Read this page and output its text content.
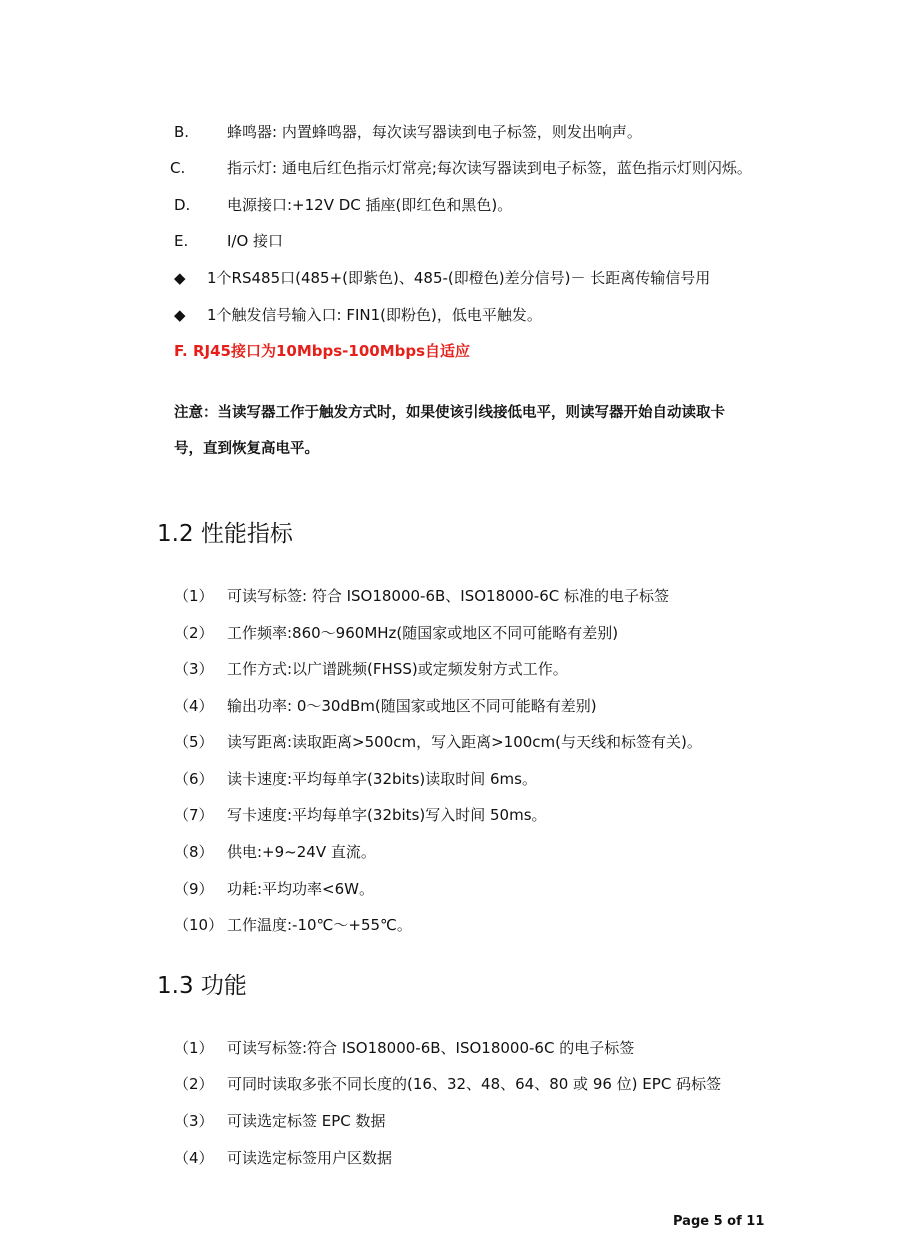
B.	蜂鸣器: 内置蜂鸣器，每次读写器读到电子标签，则发出响声。
C.	指示灯: 通电后红色指示灯常亮;每次读写器读到电子标签，蓝色指示灯则闪烁。
D. 电源接口:+12V DC 插座(即红色和黑色)。
E.	I/O 接口
◆ 1个RS485口(485+(即紫色)、485-(即橙色)差分信号)－ 长距离传输信号用
◆ 1个触发信号输入口: FIN1(即粉色)，低电平触发。
F. RJ45接口为10Mbps-100Mbps自适应
注意：当读写器工作于触发方式时，如果使该引线接低电平，则读写器开始自动读取卡
号，直到恢复高电平。
1.2 性能指标
（1） 可读写标签: 符合 ISO18000-6B、ISO18000-6C 标准的电子标签
（2） 工作频率:860～960MHz(随国家或地区不同可能略有差别)
（3） 工作方式:以广谱跳频(FHSS)或定频发射方式工作。
（4） 输出功率: 0～30dBm(随国家或地区不同可能略有差别)
（5） 读写距离:读取距离>500cm，写入距离>100cm(与天线和标签有关)。
（6） 读卡速度:平均每单字(32bits)读取时间 6ms。
（7） 写卡速度:平均每单字(32bits)写入时间 50ms。
（8） 供电:+9~24V 直流。
（9） 功耗:平均功率<6W。
（10） 工作温度:-10℃～+55℃。
1.3 功能
（1） 可读写标签:符合 ISO18000-6B、ISO18000-6C 的电子标签
（2） 可同时读取多张不同长度的(16、32、48、64、80 或 96 位) EPC 码标签
（3） 可读选定标签 EPC 数据
（4） 可读选定标签用户区数据
Page 5 of 11
